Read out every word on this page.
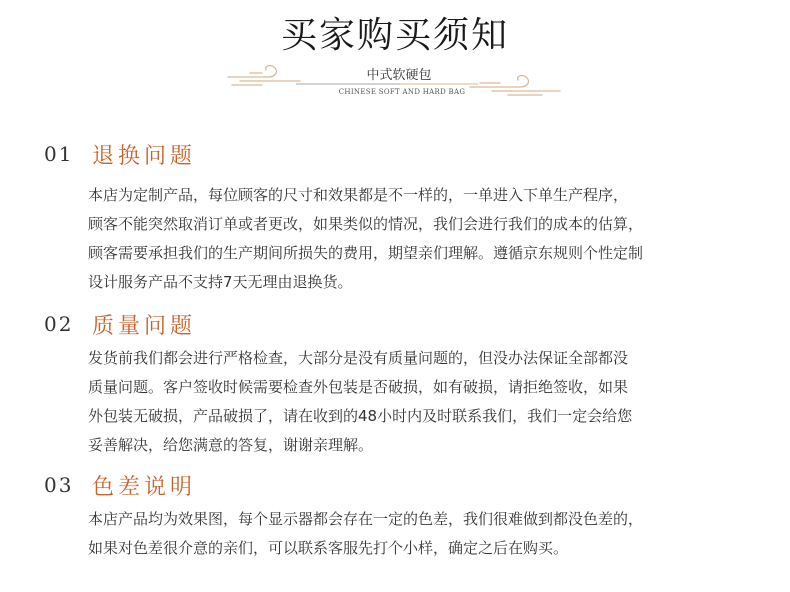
买家购买须知
中式软硬包
CHINESE SOFT AND HARD BAG
01 退换问题
本店为定制产品，每位顾客的尺寸和效果都是不一样的，一单进入下单生产程序，
顾客不能突然取消订单或者更改，如果类似的情况，我们会进行我们的成本的估算，
顾客需要承担我们的生产期间所损失的费用，期望亲们理解。遵循京东规则个性定制
设计服务产品不支持7天无理由退换货。
02 质量问题
发货前我们都会进行严格检查，大部分是没有质量问题的，但没办法保证全部都没
质量问题。客户签收时候需要检查外包装是否破损，如有破损，请拒绝签收，如果
外包装无破损，产品破损了，请在收到的48小时内及时联系我们，我们一定会给您
妥善解决，给您满意的答复，谢谢亲理解。
03 色差说明
本店产品均为效果图，每个显示器都会存在一定的色差，我们很难做到都没色差的，
如果对色差很介意的亲们，可以联系客服先打个小样，确定之后在购买。
